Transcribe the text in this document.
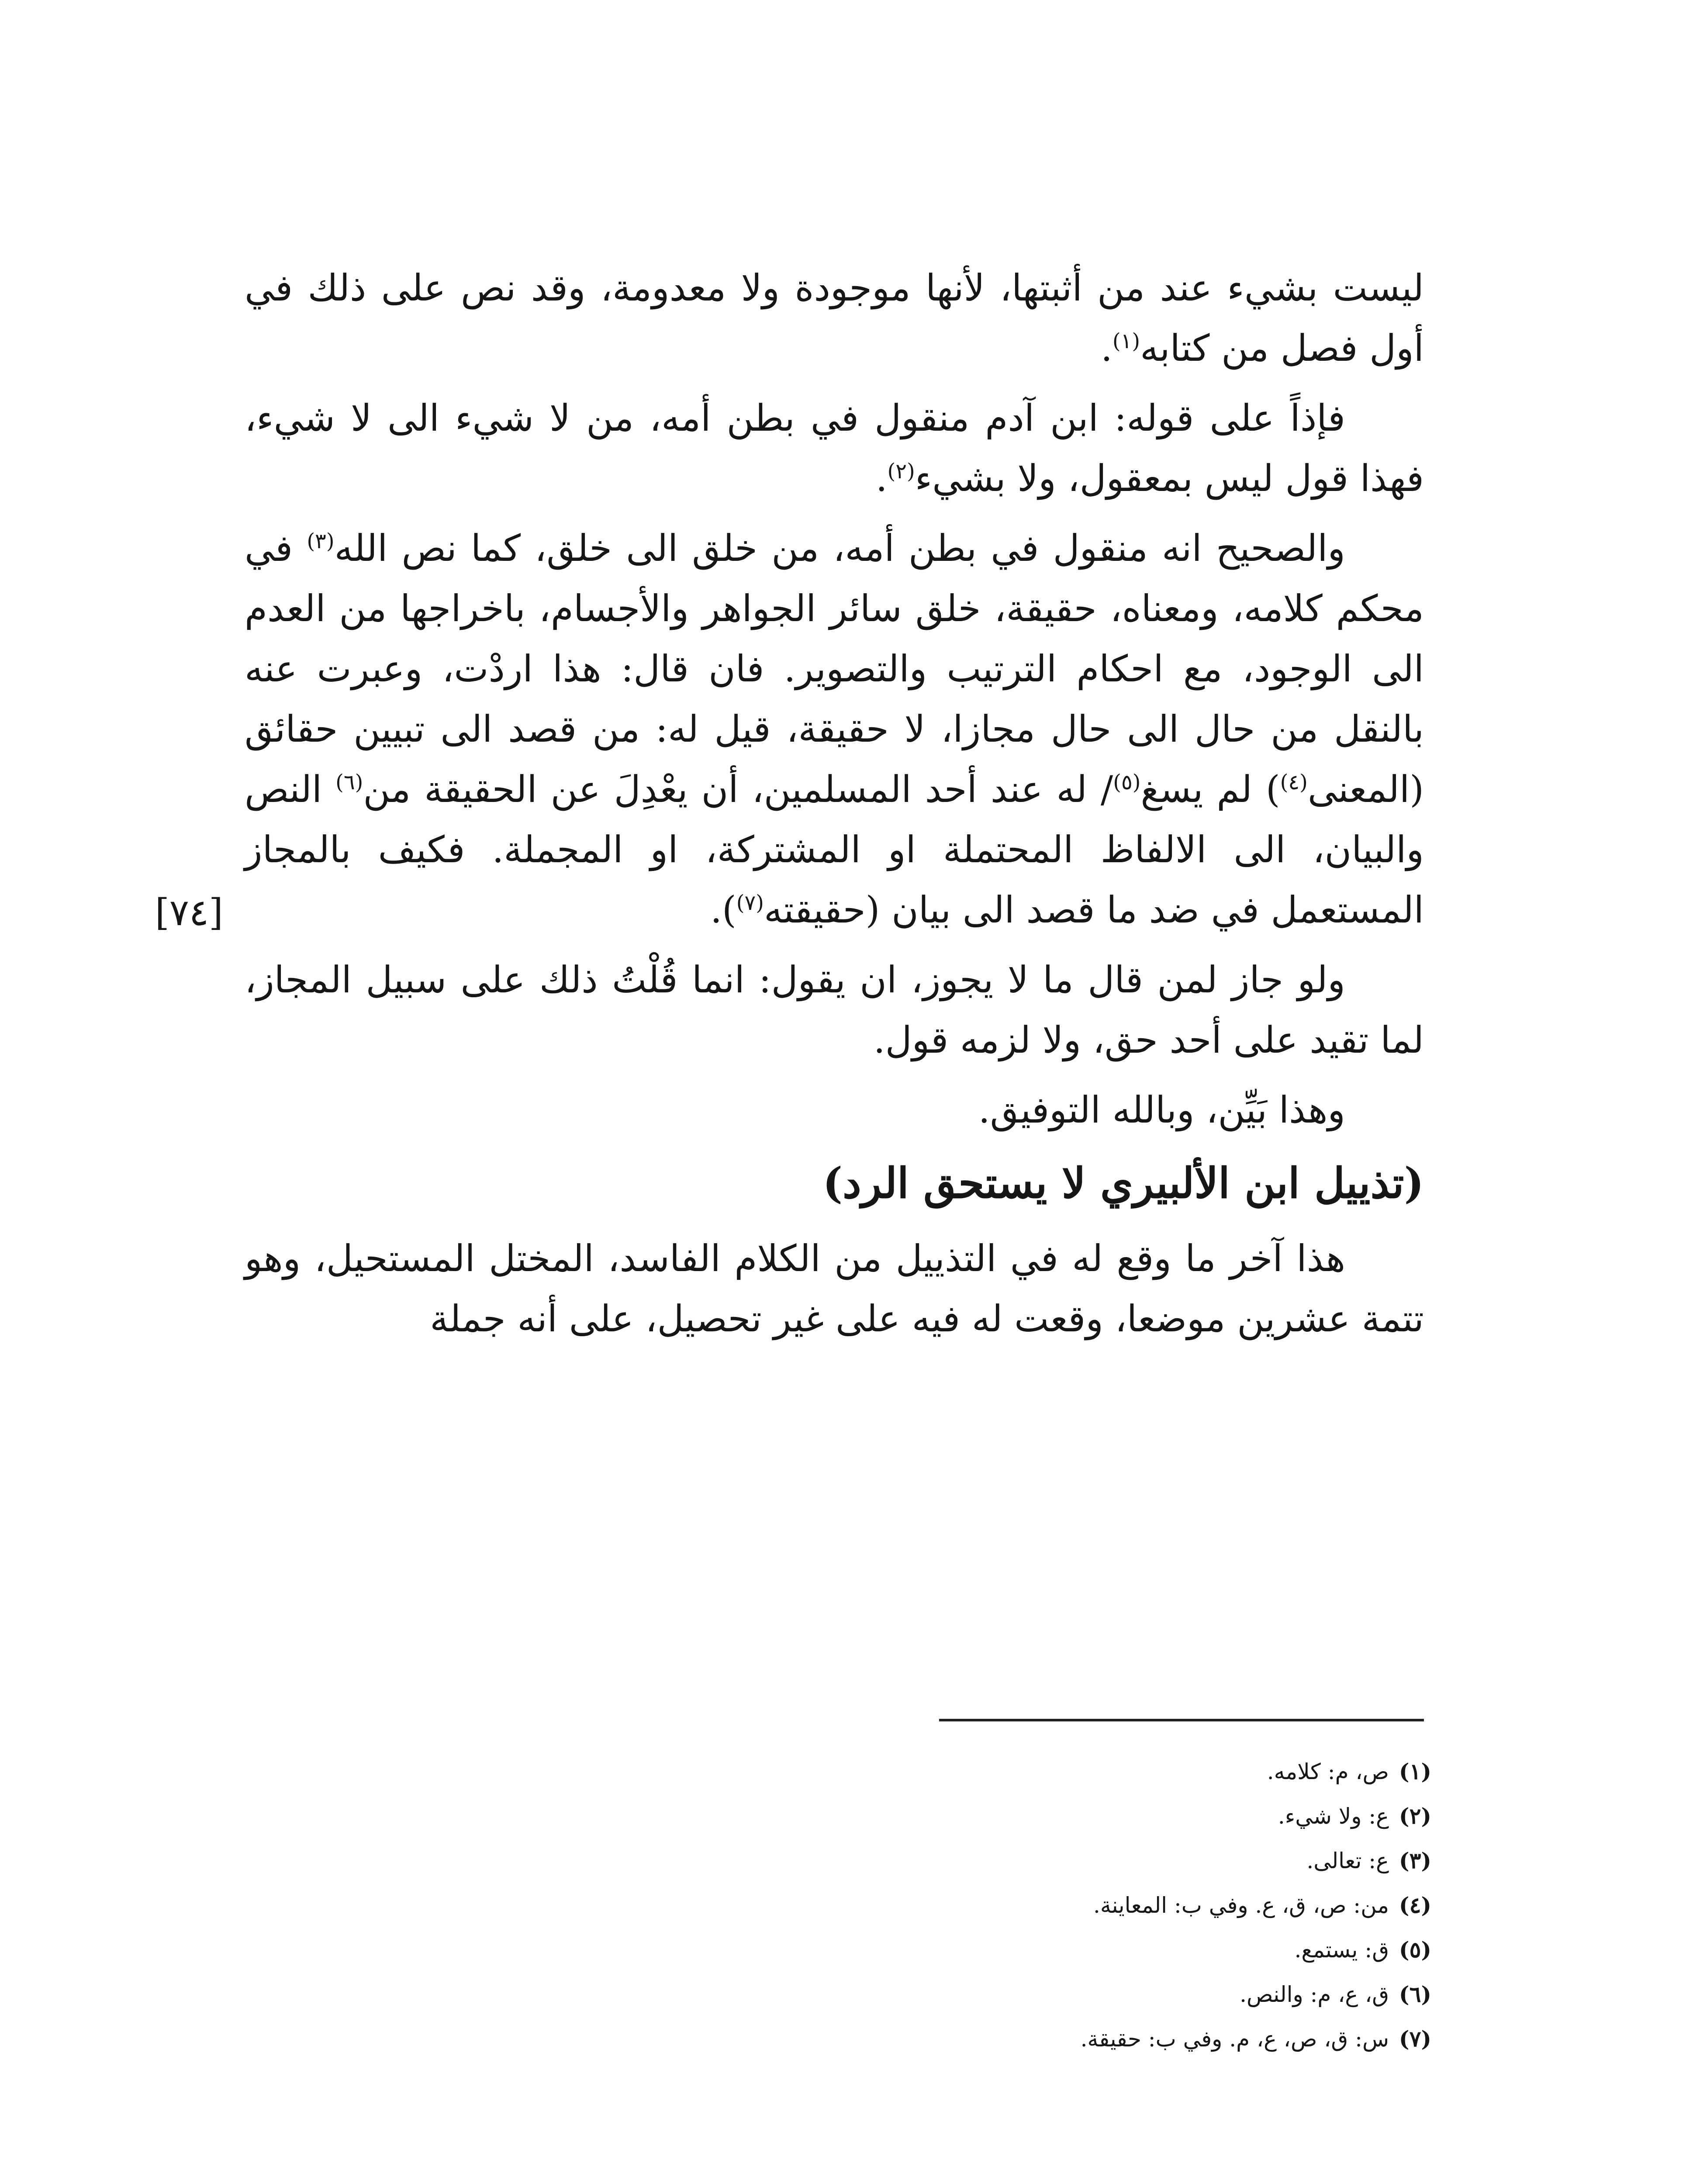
ليست بشيء عند من أثبتها، لأنها موجودة ولا معدومة، وقد نص على ذلك في أول فصل من كتابه$^{(١)}$.

فإذاً على قوله: ابن آدم منقول في بطن أمه، من لا شيء الى لا شيء، فهذا قول ليس بمعقول، ولا بشيء$^{(٢)}$.

والصحيح انه منقول في بطن أمه، من خلق الى خلق، كما نص الله$^{(٣)}$ في محكم كلامه، ومعناه، حقيقة، خلق سائر الجواهر والأجسام، باخراجها من العدم الى الوجود، مع احكام الترتيب والتصوير. فان قال: هذا اردْت، وعبرت عنه بالنقل من حال الى حال مجازا، لا حقيقة، قيل له: من قصد الى تبيين حقائق (المعنى$^{(٤)}$) لم يسغ$^{(٥)}$/ له عند أحد المسلمين، أن يعْدِلَ عن الحقيقة من$^{(٦)}$ النص والبيان، الى الالفاظ المحتملة او المشتركة، او المجملة. فكيف بالمجاز المستعمل في ضد ما قصد الى بيان (حقيقته$^{(٧)}$).

ولو جاز لمن قال ما لا يجوز، ان يقول: انما قُلْتُ ذلك على سبيل المجاز، لما تقيد على أحد حق، ولا لزمه قول.

وهذا بَيِّن، وبالله التوفيق.

(تذييل ابن الألبيري لا يستحق الرد)

هذا آخر ما وقع له في التذييل من الكلام الفاسد، المختل المستحيل، وهو تتمة عشرين موضعا، وقعت له فيه على غير تحصيل، على أنه جملة

[٧٤]
(١)
ص، م: كلامه.
(٢)
ع: ولا شيء.
(٣)
ع: تعالى.
(٤)
من: ص، ق، ع. وفي ب: المعاينة.
(٥)
ق: يستمع.
(٦)
ق، ع، م: والنص.
(٧)
س: ق، ص، ع، م. وفي ب: حقيقة.
